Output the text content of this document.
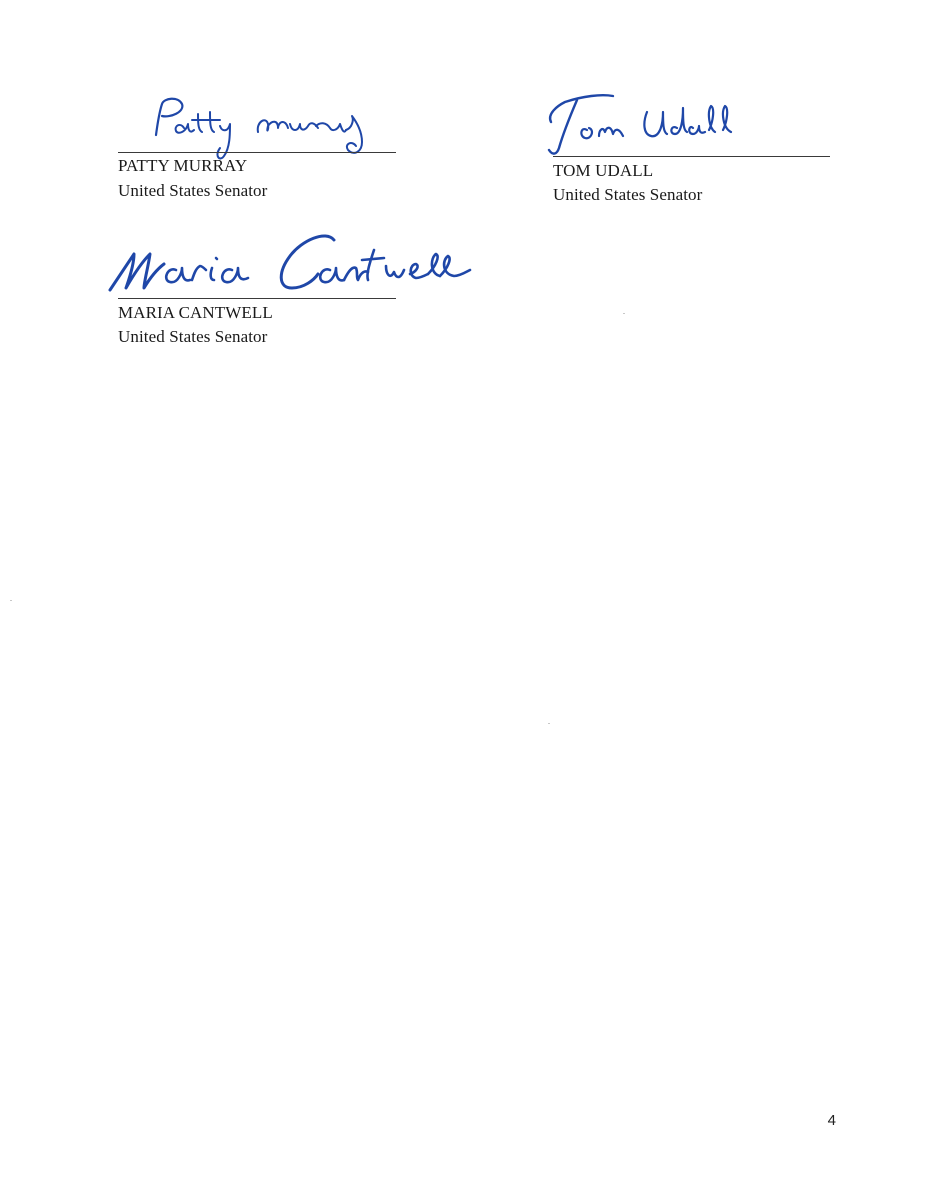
PATTY MURRAY
United States Senator
TOM UDALL
United States Senator
MARIA CANTWELL
United States Senator
4
